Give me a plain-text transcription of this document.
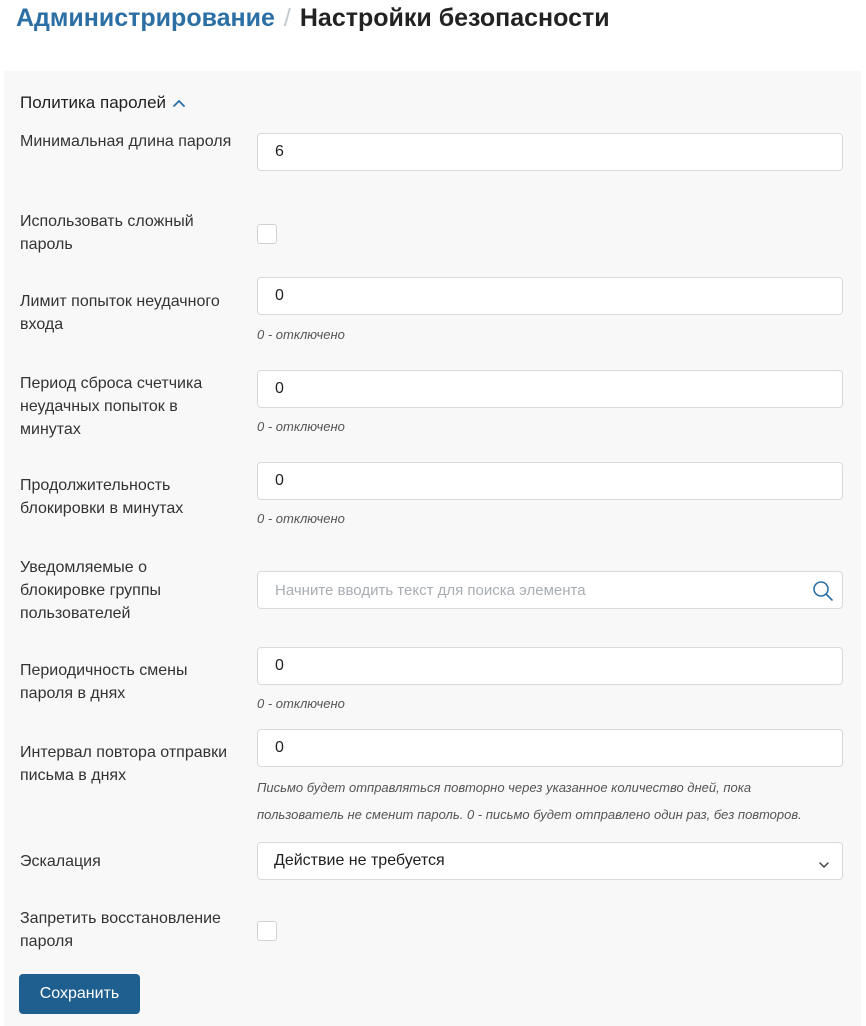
Администрирование / Настройки безопасности
Политика паролей
Минимальная длина пароля
6
Использовать сложный пароль
Лимит попыток неудачного входа
0
0 - отключено
Период сброса счетчика неудачных попыток в минутах
0
0 - отключено
Продолжительность блокировки в минутах
0
0 - отключено
Уведомляемые о блокировке группы пользователей
Начните вводить текст для поиска элемента
Периодичность смены пароля в днях
0
0 - отключено
Интервал повтора отправки письма в днях
0
Письмо будет отправляться повторно через указанное количество дней, пока
пользователь не сменит пароль. 0 - письмо будет отправлено один раз, без повторов.
Эскалация	Действие не требуется
Запретить восстановление пароля
Сохранить
